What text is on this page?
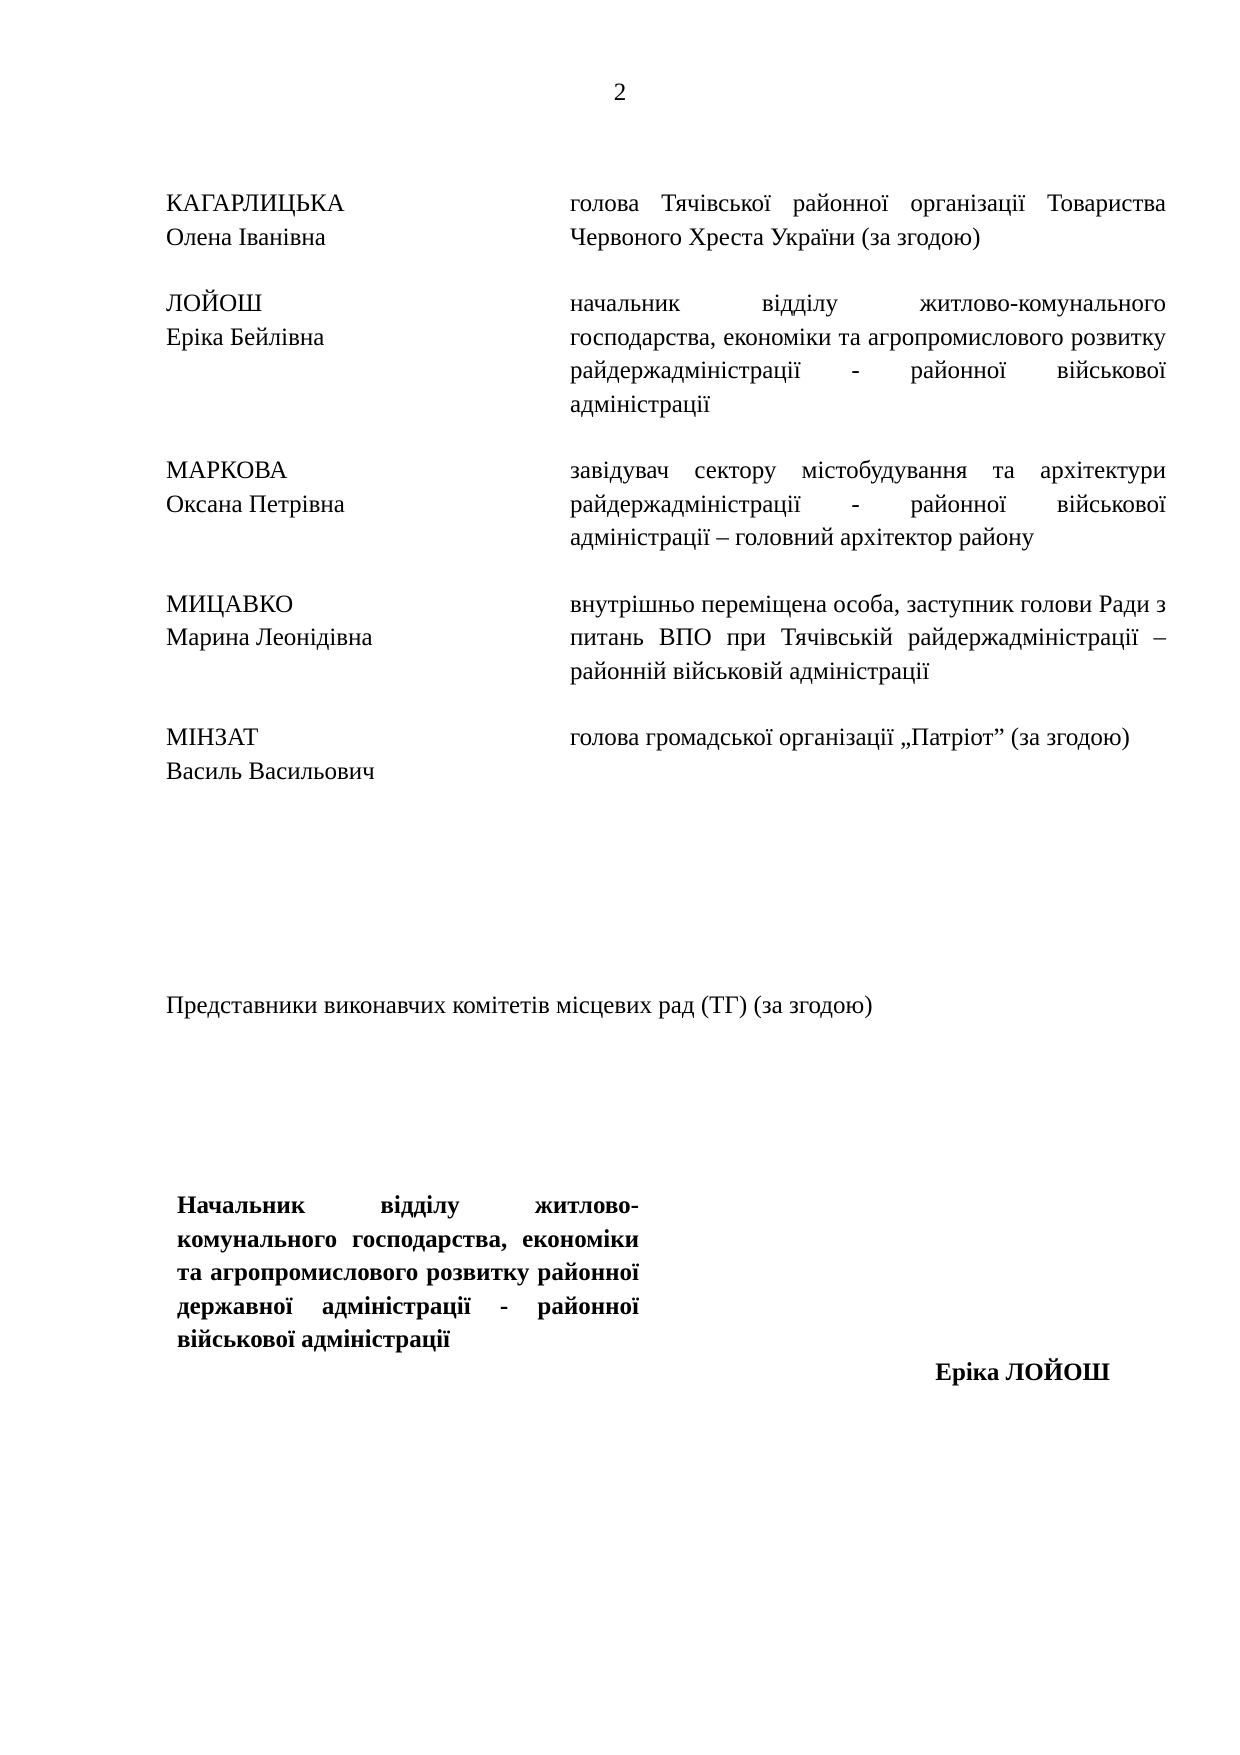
2
КАГАРЛИЦЬКА
Олена Іванівна
голова Тячівської районної організації Товариства Червоного Хреста України (за згодою)
ЛОЙОШ
Еріка Бейлівна
начальник відділу житлово-комунального господарства, економіки та агропромислового розвитку райдержадміністрації - районної військової адміністрації
МАРКОВА
Оксана Петрівна
завідувач сектору містобудування та архітектури райдержадміністрації - районної військової адміністрації – головний архітектор району
МИЦАВКО
Марина Леонідівна
внутрішньо переміщена особа, заступник голови Ради з питань ВПО при Тячівській райдержадміністрації – районній військовій адміністрації
МІНЗАТ
Василь Васильович
голова громадської організації „Патріот” (за згодою)
Представники виконавчих комітетів місцевих рад (ТГ) (за згодою)
Начальник відділу житлово-комунального господарства, економіки та агропромислового розвитку районної державної адміністрації - районної військової адміністрації
Еріка ЛОЙОШ
